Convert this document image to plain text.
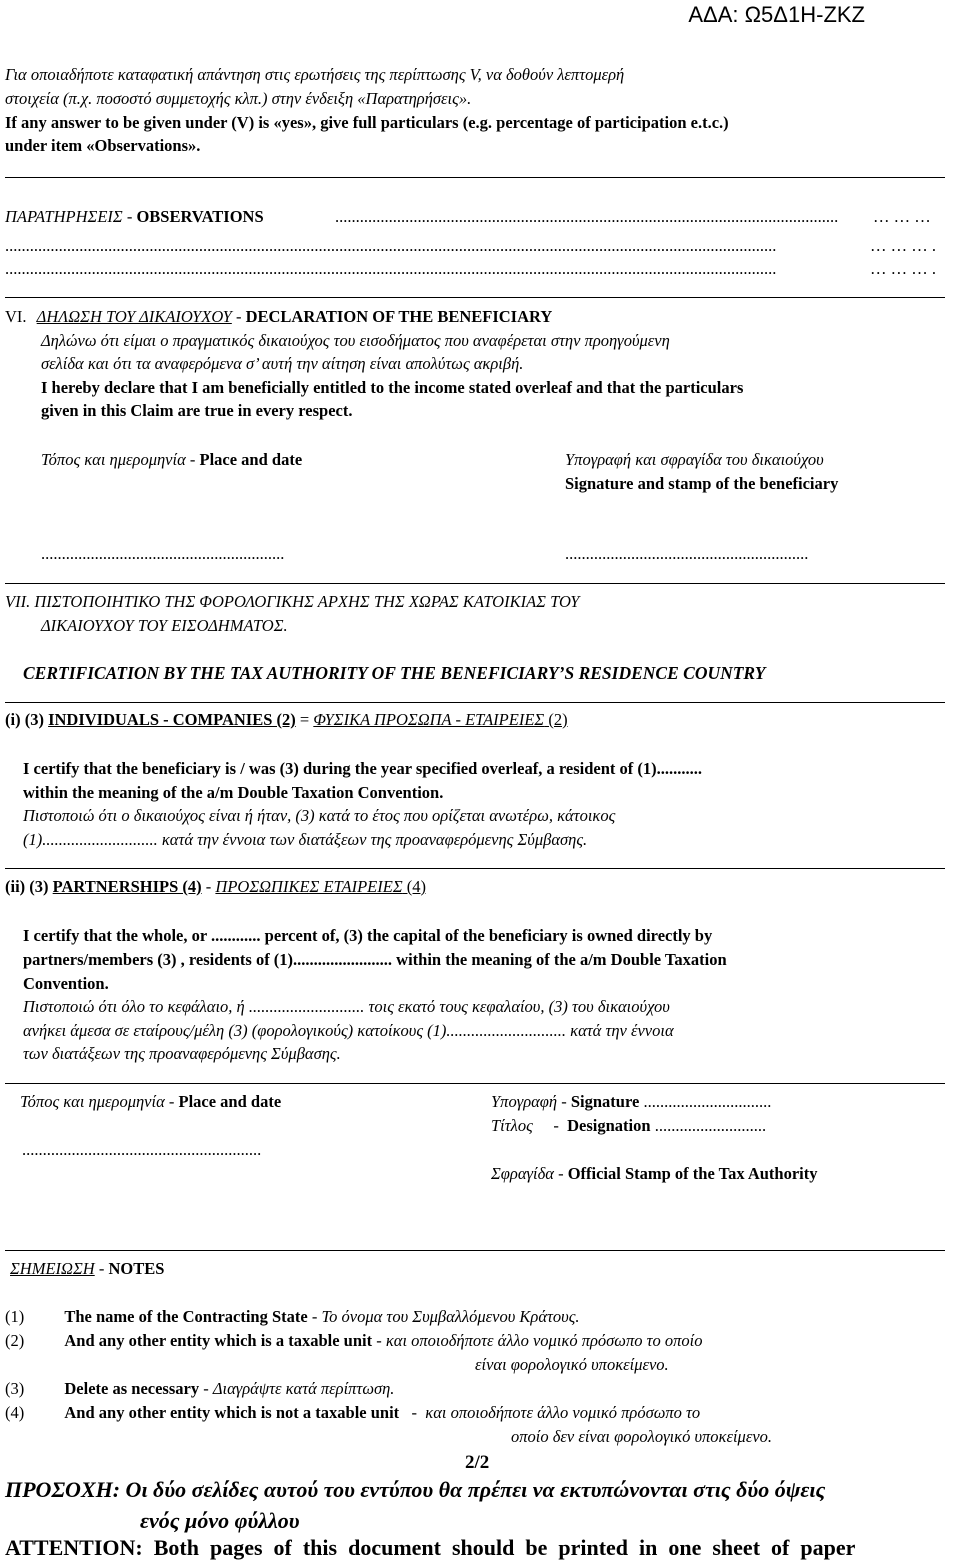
ΑΔΑ: Ω5Δ1Η-ΖΚΖ
Για οποιαδήποτε καταφατική απάντηση στις ερωτήσεις της περίπτωσης V, να δοθούν λεπτομερή
στοιχεία (π.χ. ποσοστό συμμετοχής κλπ.) στην ένδειξη «Παρατηρήσεις».
If any answer to be given under (V) is «yes», give full particulars (e.g. percentage of participation e.t.c.)
under item «Observations».
ΠΑΡΑΤΗΡΗΣΕΙΣ - OBSERVATIONS	..........................................................................................................................	… … …
...........................................................................................................................................................................................	… … … .
...........................................................................................................................................................................................	… … … .
VI. ΔΗΛΩΣΗ ΤΟΥ ΔΙΚΑΙΟΥΧΟΥ - DECLARATION OF THE BENEFICIARY
Δηλώνω ότι είμαι ο πραγματικός δικαιούχος του εισοδήματος που αναφέρεται στην προηγούμενη
σελίδα και ότι τα αναφερόμενα σ’ αυτή την αίτηση είναι απολύτως ακριβή.
I hereby declare that I am beneficially entitled to the income stated overleaf and that the particulars
given in this Claim are true in every respect.
Τόπος και ημερομηνία - Place and date	Υπογραφή και σφραγίδα του δικαιούχου
Signature and stamp of the beneficiary
...........................................................	...........................................................
VII. ΠΙΣΤΟΠΟΙΗΤΙΚΟ ΤΗΣ ΦΟΡΟΛΟΓΙΚΗΣ ΑΡΧΗΣ ΤΗΣ ΧΩΡΑΣ ΚΑΤΟΙΚΙΑΣ ΤΟΥ
ΔΙΚΑΙΟΥΧΟΥ ΤΟΥ ΕΙΣΟΔΗΜΑΤΟΣ.
CERTIFICATION BY THE TAX AUTHORITY OF THE BENEFICIARY’S RESIDENCE COUNTRY
(i) (3) INDIVIDUALS - COMPANIES (2) = ΦΥΣΙΚΑ ΠΡΟΣΩΠΑ - ΕΤΑΙΡΕΙΕΣ (2)
I certify that the beneficiary is / was (3) during the year specified overleaf, a resident of (1)...........
within the meaning of the a/m Double Taxation Convention.
Πιστοποιώ ότι ο δικαιούχος είναι ή ήταν, (3) κατά το έτος που ορίζεται ανωτέρω, κάτοικος
(1)............................ κατά την έννοια των διατάξεων της προαναφερόμενης Σύμβασης.
(ii) (3) PARTNERSHIPS (4) - ΠΡΟΣΩΠΙΚΕΣ ΕΤΑΙΡΕΙΕΣ (4)
I certify that the whole, or ............ percent of, (3) the capital of the beneficiary is owned directly by
partners/members (3) , residents of (1)........................ within the meaning of the a/m Double Taxation
Convention.
Πιστοποιώ ότι όλο το κεφάλαιο, ή ............................ τοις εκατό τους κεφαλαίου, (3) του δικαιούχου
ανήκει άμεσα σε εταίρους/μέλη (3) (φορολογικούς) κατοίκους (1)............................. κατά την έννοια
των διατάξεων της προαναφερόμενης Σύμβασης.
Τόπος και ημερομηνία - Place and date
..........................................................
Υπογραφή - Signature ...............................
Τίτλος     -  Designation ...........................
Σφραγίδα - Official Stamp of the Tax Authority
ΣΗΜΕΙΩΣΗ - NOTES
(1) The name of the Contracting State - Το όνομα του Συμβαλλόμενου Κράτους.
(2) And any other entity which is a taxable unit - και οποιοδήποτε άλλο νομικό πρόσωπο το οποίο
είναι φορολογικό υποκείμενο.
(3) Delete as necessary - Διαγράψτε κατά περίπτωση.
(4) And any other entity which is not a taxable unit   -  και οποιοδήποτε άλλο νομικό πρόσωπο το
οποίο δεν είναι φορολογικό υποκείμενο.
2/2
ΠΡΟΣΟΧΗ: Οι δύο σελίδες αυτού του εντύπου θα πρέπει να εκτυπώνονται στις δύο όψεις
ενός μόνο φύλλου
ATTENTION:  Both  pages  of  this  document  should  be  printed  in  one  sheet  of  paper
